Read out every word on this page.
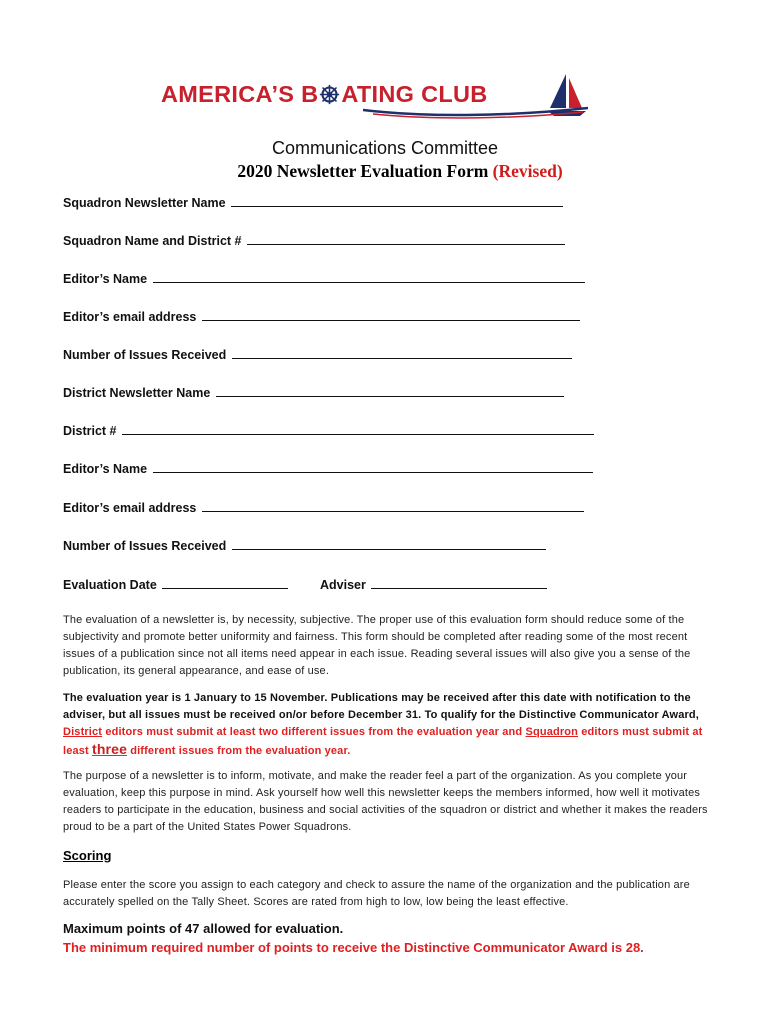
AMERICA’S B ATING CLUB
Communications Committee
2020 Newsletter Evaluation Form (Revised)
Squadron Newsletter Name
Squadron Name and District #
Editor’s Name
Editor’s email address
Number of Issues Received
District Newsletter Name
District #
Editor’s Name
Editor’s email address
Number of Issues Received
Evaluation Date	Adviser
The evaluation of a newsletter is, by necessity, subjective. The proper use of this evaluation form should reduce some of the subjectivity and promote better uniformity and fairness. This form should be completed after reading some of the most recent issues of a publication since not all items need appear in each issue. Reading several issues will also give you a sense of the publication, its general appearance, and ease of use.
The evaluation year is 1 January to 15 November. Publications may be received after this date with notification to the adviser, but all issues must be received on/or before December 31. To qualify for the Distinctive Communicator Award, District editors must submit at least two different issues from the evaluation year and Squadron editors must submit at least three different issues from the evaluation year.
The purpose of a newsletter is to inform, motivate, and make the reader feel a part of the organization. As you complete your evaluation, keep this purpose in mind. Ask yourself how well this newsletter keeps the members informed, how well it motivates readers to participate in the education, business and social activities of the squadron or district and whether it makes the readers proud to be a part of the United States Power Squadrons.
Scoring
Please enter the score you assign to each category and check to assure the name of the organization and the publication are accurately spelled on the Tally Sheet. Scores are rated from high to low, low being the least effective.
Maximum points of 47 allowed for evaluation.
The minimum required number of points to receive the Distinctive Communicator Award is 28.
